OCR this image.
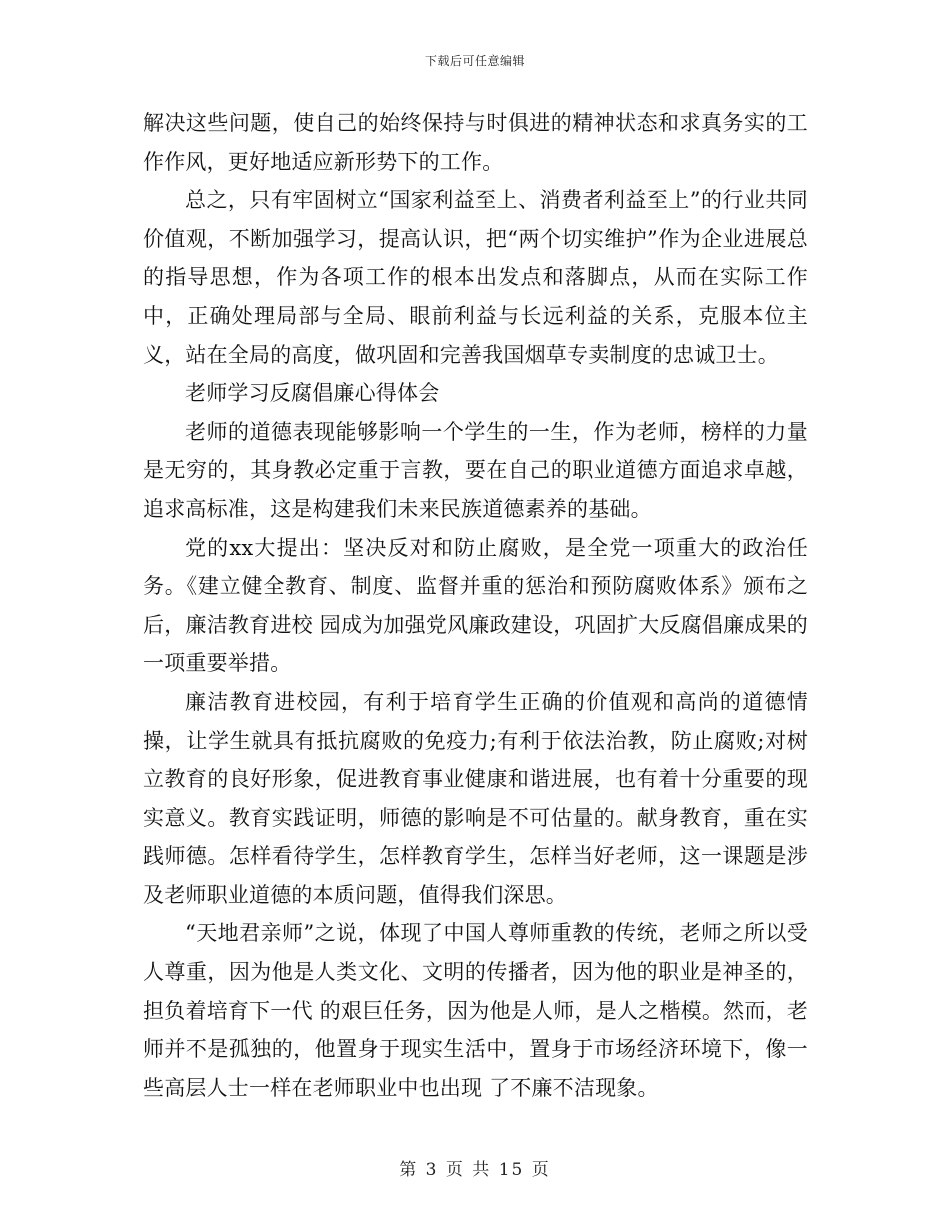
下载后可任意编辑

解决这些问题，使自己的始终保持与时俱进的精神状态和求真务实的工作作风，更好地适应新形势下的工作。

总之，只有牢固树立“国家利益至上、消费者利益至上”的行业共同价值观，不断加强学习，提高认识，把“两个切实维护”作为企业进展总的指导思想，作为各项工作的根本出发点和落脚点，从而在实际工作中，正确处理局部与全局、眼前利益与长远利益的关系，克服本位主义，站在全局的高度，做巩固和完善我国烟草专卖制度的忠诚卫士。

老师学习反腐倡廉心得体会

老师的道德表现能够影响一个学生的一生，作为老师，榜样的力量是无穷的，其身教必定重于言教，要在自己的职业道德方面追求卓越，追求高标准，这是构建我们未来民族道德素养的基础。

党的xx大提出：坚决反对和防止腐败，是全党一项重大的政治任务。《建立健全教育、制度、监督并重的惩治和预防腐败体系》颁布之后，廉洁教育进校 园成为加强党风廉政建设，巩固扩大反腐倡廉成果的一项重要举措。

廉洁教育进校园，有利于培育学生正确的价值观和高尚的道德情操，让学生就具有抵抗腐败的免疫力;有利于依法治教，防止腐败;对树立教育的良好形象，促进教育事业健康和谐进展，也有着十分重要的现实意义。教育实践证明，师德的影响是不可估量的。献身教育，重在实践师德。怎样看待学生，怎样教育学生，怎样当好老师，这一课题是涉及老师职业道德的本质问题，值得我们深思。

“天地君亲师”之说，体现了中国人尊师重教的传统，老师之所以受人尊重，因为他是人类文化、文明的传播者，因为他的职业是神圣的，担负着培育下一代 的艰巨任务，因为他是人师，是人之楷模。然而，老师并不是孤独的，他置身于现实生活中，置身于市场经济环境下，像一些高层人士一样在老师职业中也出现 了不廉不洁现象。

第 3 页 共 15 页
